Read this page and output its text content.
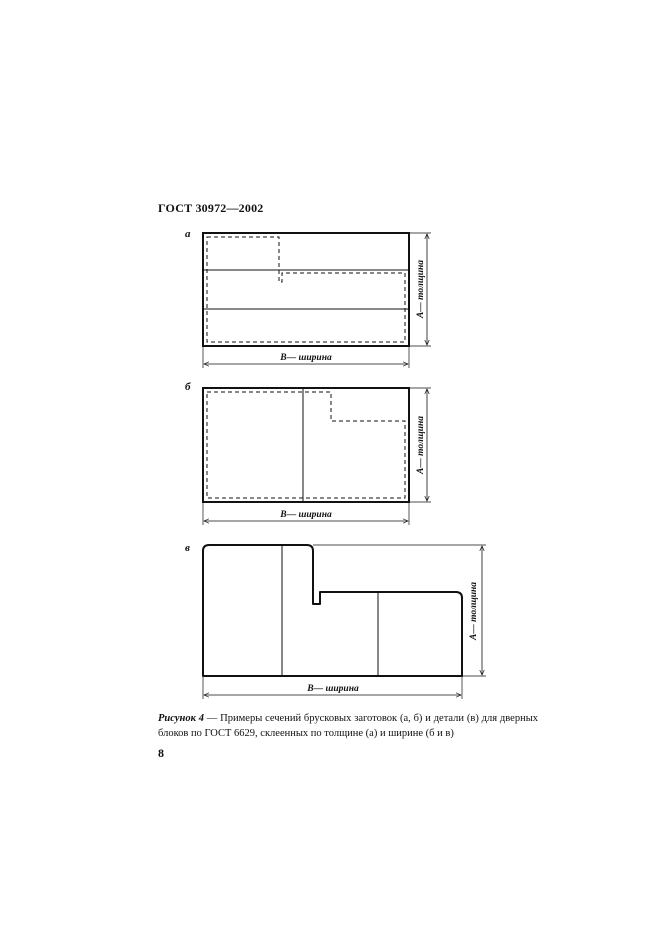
ГОСТ 30972—2002
а
б
в
В— ширина
А— толщина
В— ширина
А— толщина
В— ширина
А— толщина
Рисунок 4 — Примеры сечений брусковых заготовок (а, б) и детали (в) для дверных блоков по ГОСТ 6629, склеенных по толщине (а) и ширине (б и в)
8
